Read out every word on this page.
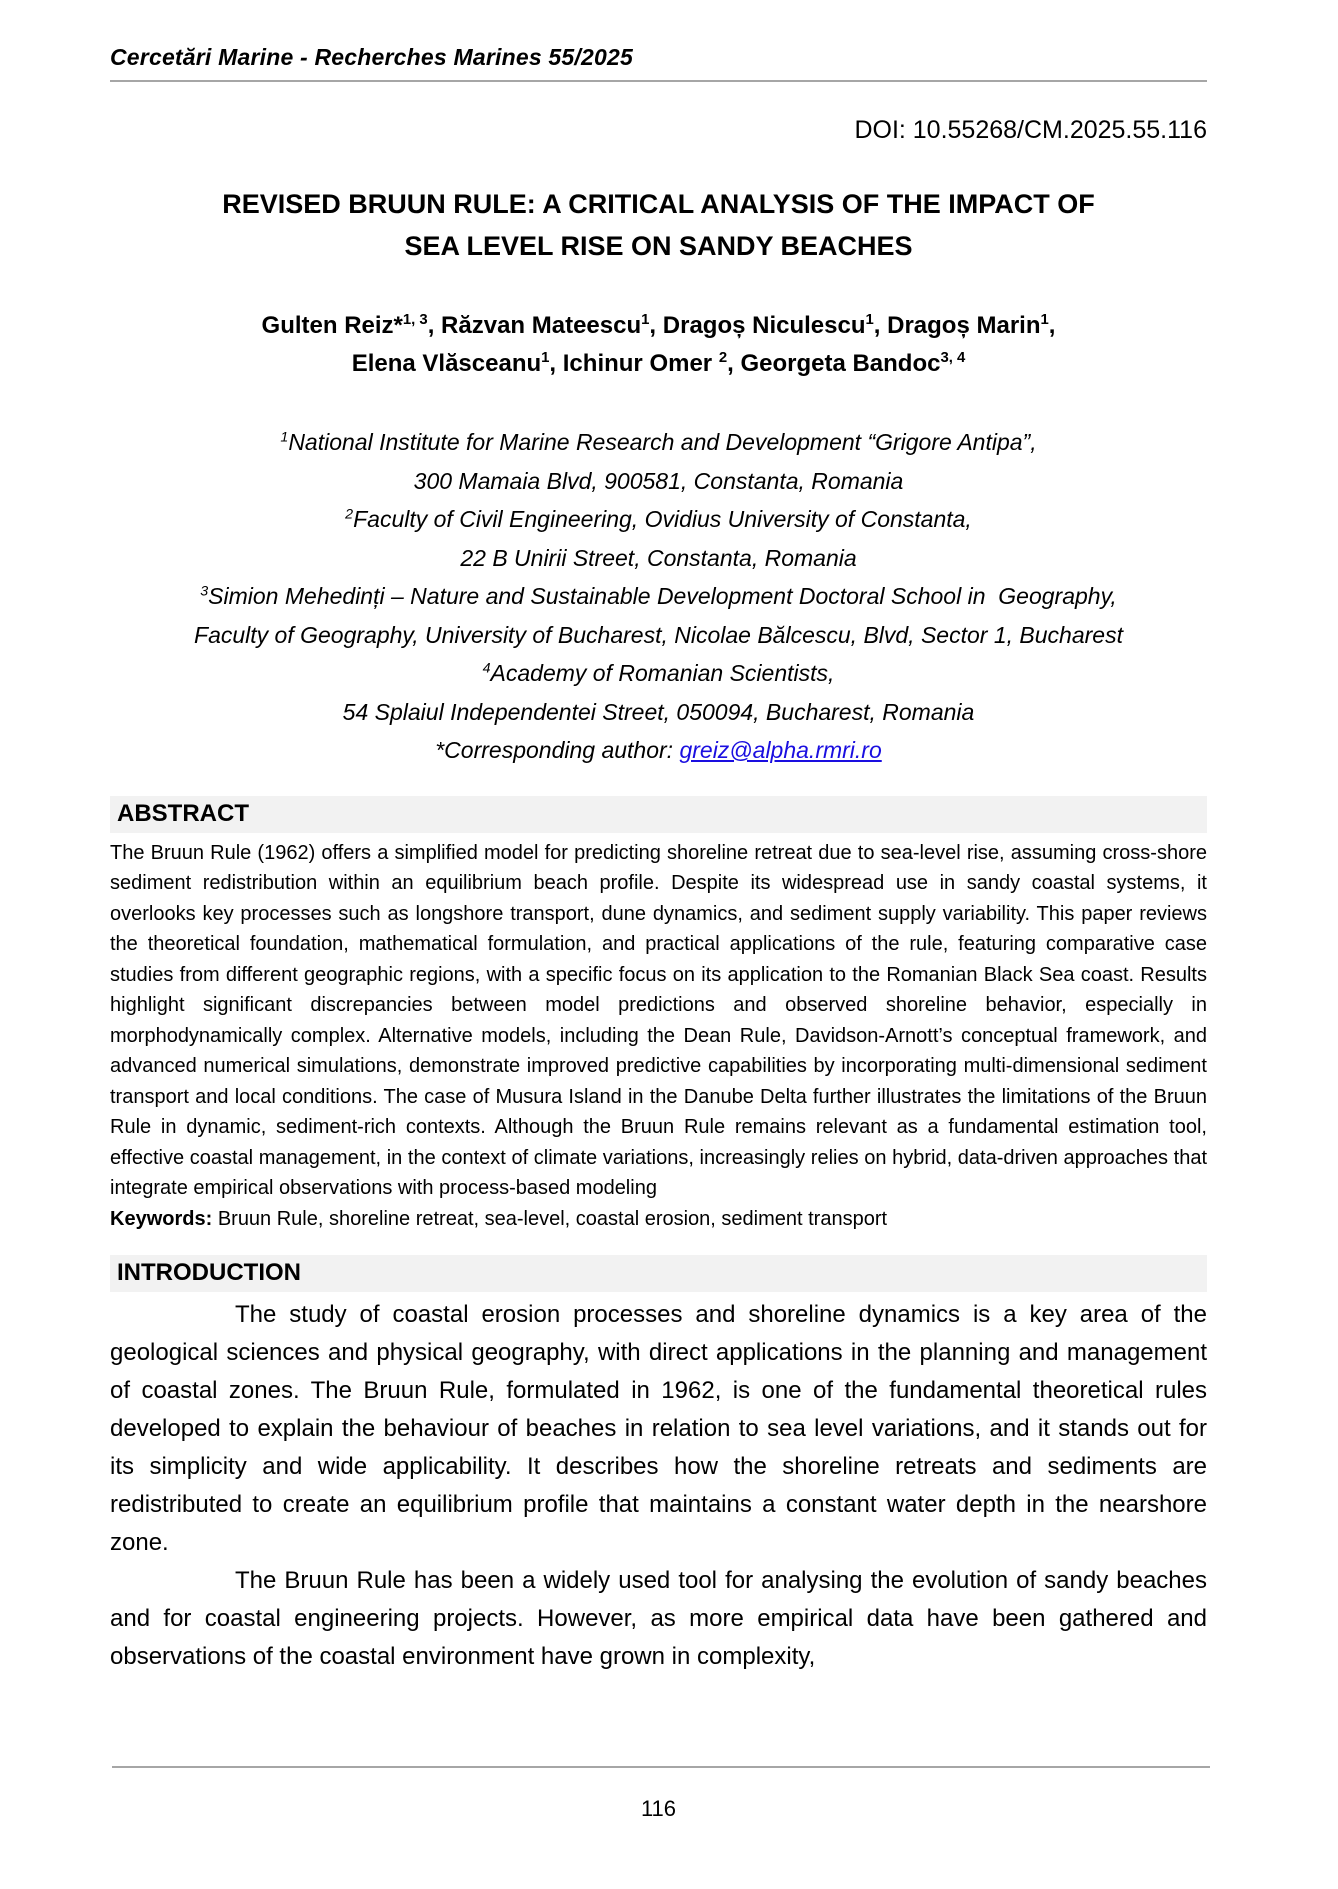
Cercetări Marine - Recherches Marines 55/2025
DOI: 10.55268/CM.2025.55.116
REVISED BRUUN RULE: A CRITICAL ANALYSIS OF THE IMPACT OF
SEA LEVEL RISE ON SANDY BEACHES
Gulten Reiz*$^{1, 3}$, Răzvan Mateescu$^1$, Dragoș Niculescu$^1$, Dragoș Marin$^1$,
Elena Vlăsceanu$^1$, Ichinur Omer $^2$, Georgeta Bandoc$^{3, 4}$
$^1$National Institute for Marine Research and Development “Grigore Antipa”,
300 Mamaia Blvd, 900581, Constanta, Romania
$^2$Faculty of Civil Engineering, Ovidius University of Constanta,
22 B Unirii Street, Constanta, Romania
$^3$Simion Mehedinți – Nature and Sustainable Development Doctoral School in  Geography,
Faculty of Geography, University of Bucharest, Nicolae Bălcescu, Blvd, Sector 1, Bucharest
$^4$Academy of Romanian Scientists,
54 Splaiul Independentei Street, 050094, Bucharest, Romania
*Corresponding author: greiz@alpha.rmri.ro
ABSTRACT

The Bruun Rule (1962) offers a simplified model for predicting shoreline retreat due to sea-level rise, assuming cross-shore sediment redistribution within an equilibrium beach profile. Despite its widespread use in sandy coastal systems, it overlooks key processes such as longshore transport, dune dynamics, and sediment supply variability. This paper reviews the theoretical foundation, mathematical formulation, and practical applications of the rule, featuring comparative case studies from different geographic regions, with a specific focus on its application to the Romanian Black Sea coast. Results highlight significant discrepancies between model predictions and observed shoreline behavior, especially in morphodynamically complex. Alternative models, including the Dean Rule, Davidson-Arnott’s conceptual framework, and advanced numerical simulations, demonstrate improved predictive capabilities by incorporating multi-dimensional sediment transport and local conditions. The case of Musura Island in the Danube Delta further illustrates the limitations of the Bruun Rule in dynamic, sediment-rich contexts. Although the Bruun Rule remains relevant as a fundamental estimation tool, effective coastal management, in the context of climate variations, increasingly relies on hybrid, data-driven approaches that integrate empirical observations with process-based modeling

Keywords: Bruun Rule, shoreline retreat, sea-level, coastal erosion, sediment transport

INTRODUCTION

The study of coastal erosion processes and shoreline dynamics is a key area of the geological sciences and physical geography, with direct applications in the planning and management of coastal zones. The Bruun Rule, formulated in 1962, is one of the fundamental theoretical rules developed to explain the behaviour of beaches in relation to sea level variations, and it stands out for its simplicity and wide applicability. It describes how the shoreline retreats and sediments are redistributed to create an equilibrium profile that maintains a constant water depth in the nearshore zone.

The Bruun Rule has been a widely used tool for analysing the evolution of sandy beaches and for coastal engineering projects. However, as more empirical data have been gathered and observations of the coastal environment have grown in complexity,

116
